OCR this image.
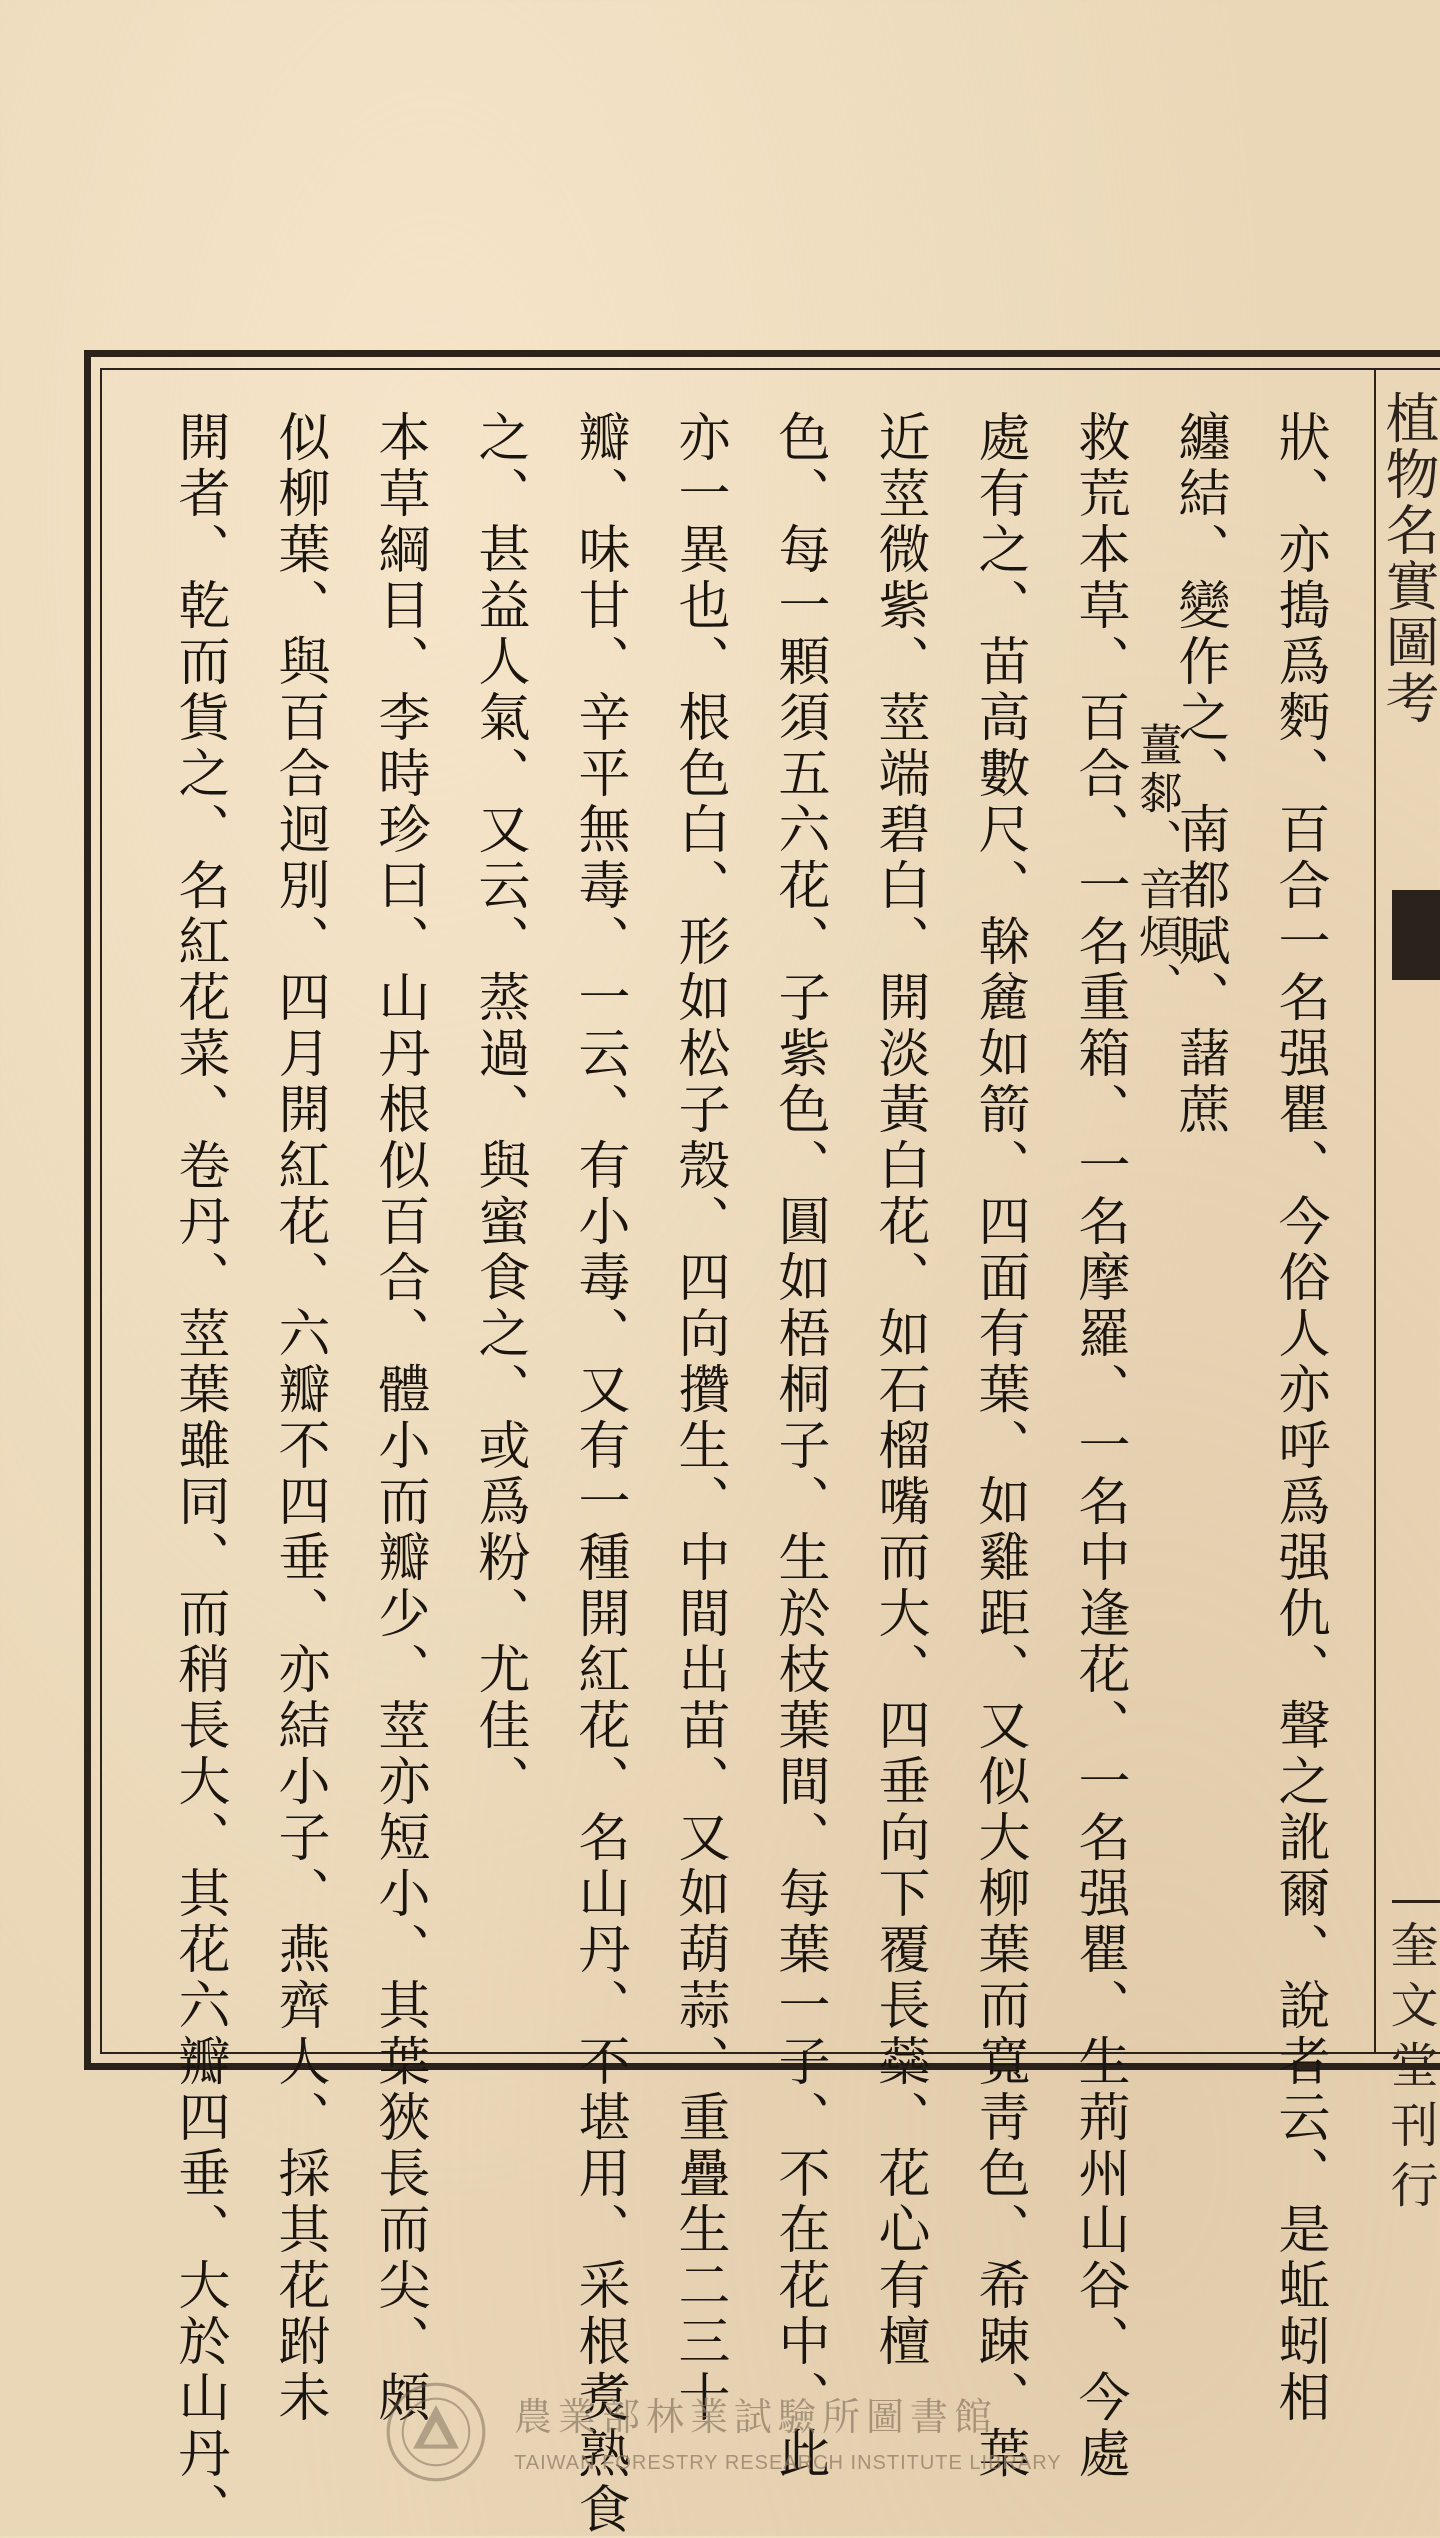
狀、亦搗爲麪、百合一名强瞿、今俗人亦呼爲强仇、聲之訛爾、說者云、是蚯蚓相
纏結、變作之、南都賦、藷蔗
薑䣛、音煩、
救荒本草、百合、一名重箱、一名摩羅、一名中逢花、一名强瞿、生荊州山谷、今處
處有之、苗高數尺、榦麄如箭、四面有葉、如雞距、又似大柳葉而寬靑色、希踈、葉
近莖微紫、莖端碧白、開淡黃白花、如石榴嘴而大、四垂向下覆長蘂、花心有檀
色、每一顆須五六花、子紫色、圓如梧桐子、生於枝葉間、每葉一子、不在花中、此
亦一異也、根色白、形如松子殼、四向攢生、中間出苗、又如葫蒜、重疊生二三十
瓣、味甘、辛平無毒、一云、有小毒、又有一種開紅花、名山丹、不堪用、采根煑熟食
之、甚益人氣、又云、蒸過、與蜜食之、或爲粉、尤佳、
本草綱目、李時珍曰、山丹根似百合、體小而瓣少、莖亦短小、其葉狹長而尖、頗
似柳葉、與百合迥別、四月開紅花、六瓣不四垂、亦結小子、燕齊人、採其花跗未
開者、乾而貨之、名紅花菜、卷丹、莖葉雖同、而稍長大、其花六瓣四垂、大於山丹、	植物名實圖考
奎文堂刊行
農業部林業試驗所圖書館
TAIWAN FORESTRY RESEARCH INSTITUTE LIBRARY
